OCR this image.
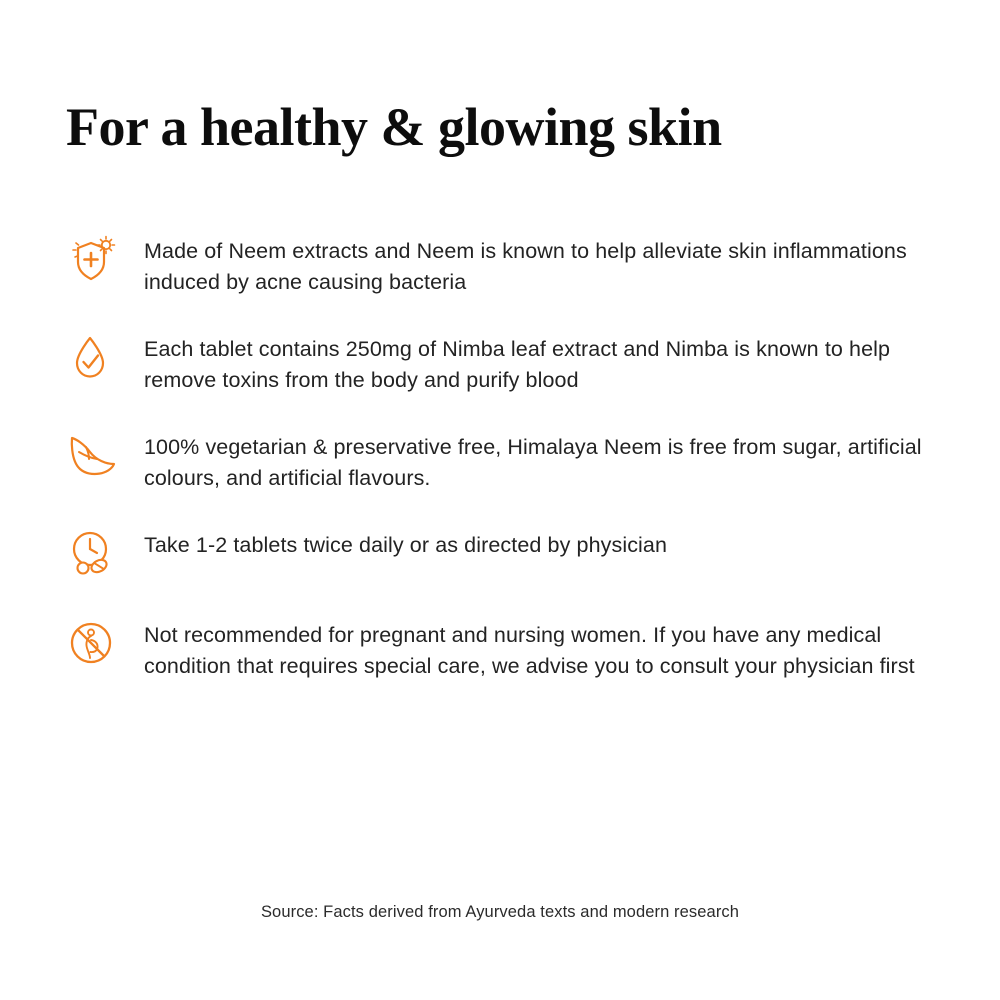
For a healthy & glowing skin
Made of Neem extracts and Neem is known to help alleviate skin inflammations induced by acne causing bacteria
Each tablet contains 250mg of Nimba leaf extract and Nimba is known to help remove toxins from the body and purify blood
100% vegetarian & preservative free, Himalaya Neem is free from sugar, artificial colours, and artificial flavours.
Take 1-2 tablets twice daily or as directed by physician
Not recommended for pregnant and nursing women. If you have any medical condition that requires special care, we advise you to consult your physician first
Source: Facts derived from Ayurveda texts and modern research
